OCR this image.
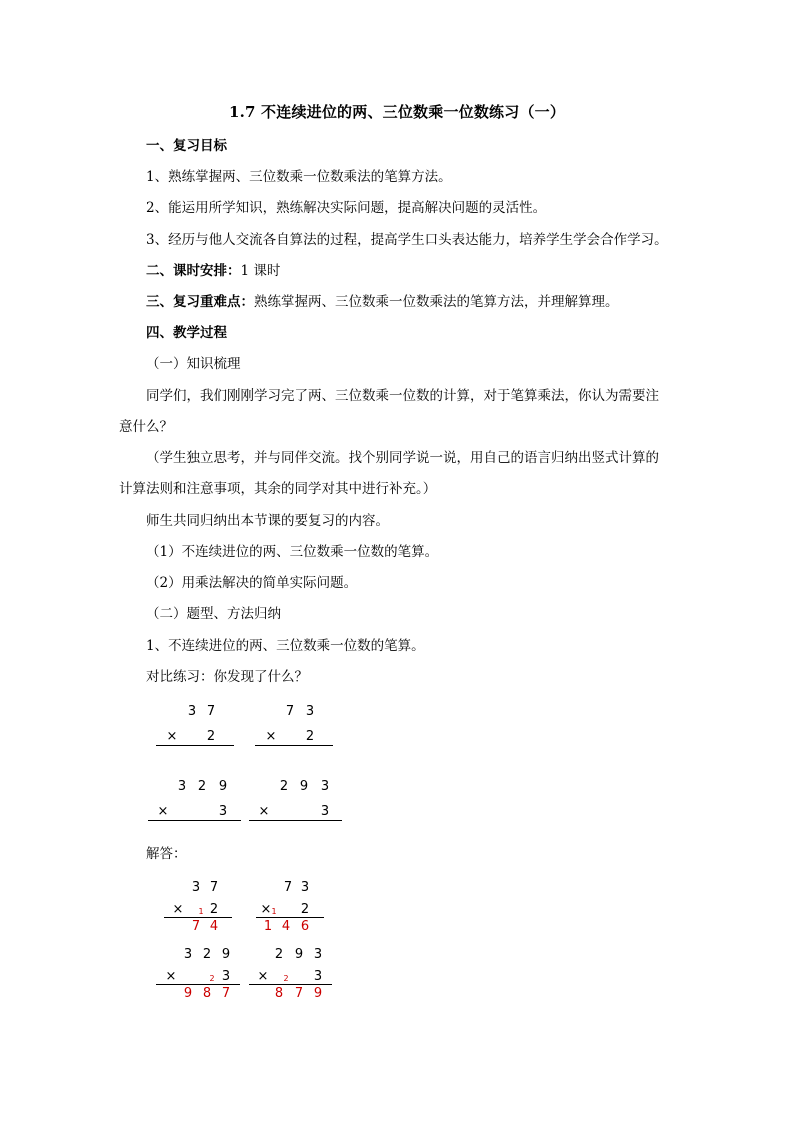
1.7 不连续进位的两、三位数乘一位数练习（一）
一、复习目标
1、熟练掌握两、三位数乘一位数乘法的笔算方法。
2、能运用所学知识，熟练解决实际问题，提高解决问题的灵活性。
3、经历与他人交流各自算法的过程，提高学生口头表达能力，培养学生学会合作学习。
二、课时安排：1 课时
三、复习重难点：熟练掌握两、三位数乘一位数乘法的笔算方法，并理解算理。
四、教学过程
（一）知识梳理
同学们，我们刚刚学习完了两、三位数乘一位数的计算，对于笔算乘法，你认为需要注
意什么？
（学生独立思考，并与同伴交流。找个别同学说一说，用自己的语言归纳出竖式计算的
计算法则和注意事项，其余的同学对其中进行补充。）
师生共同归纳出本节课的要复习的内容。
（1）不连续进位的两、三位数乘一位数的笔算。
（2）用乘法解决的简单实际问题。
（二）题型、方法归纳
1、不连续进位的两、三位数乘一位数的笔算。
对比练习：你发现了什么？
3 7
× 2
7 3
× 2
3 2 9
×	3
2 9 3
×	3
解答：
3 7
×	1 2
7 4
7 3
× 1	2
1 4 6
3 2 9
×	2 3
9 8 7
2 9 3
×	2	3
8 7 9
